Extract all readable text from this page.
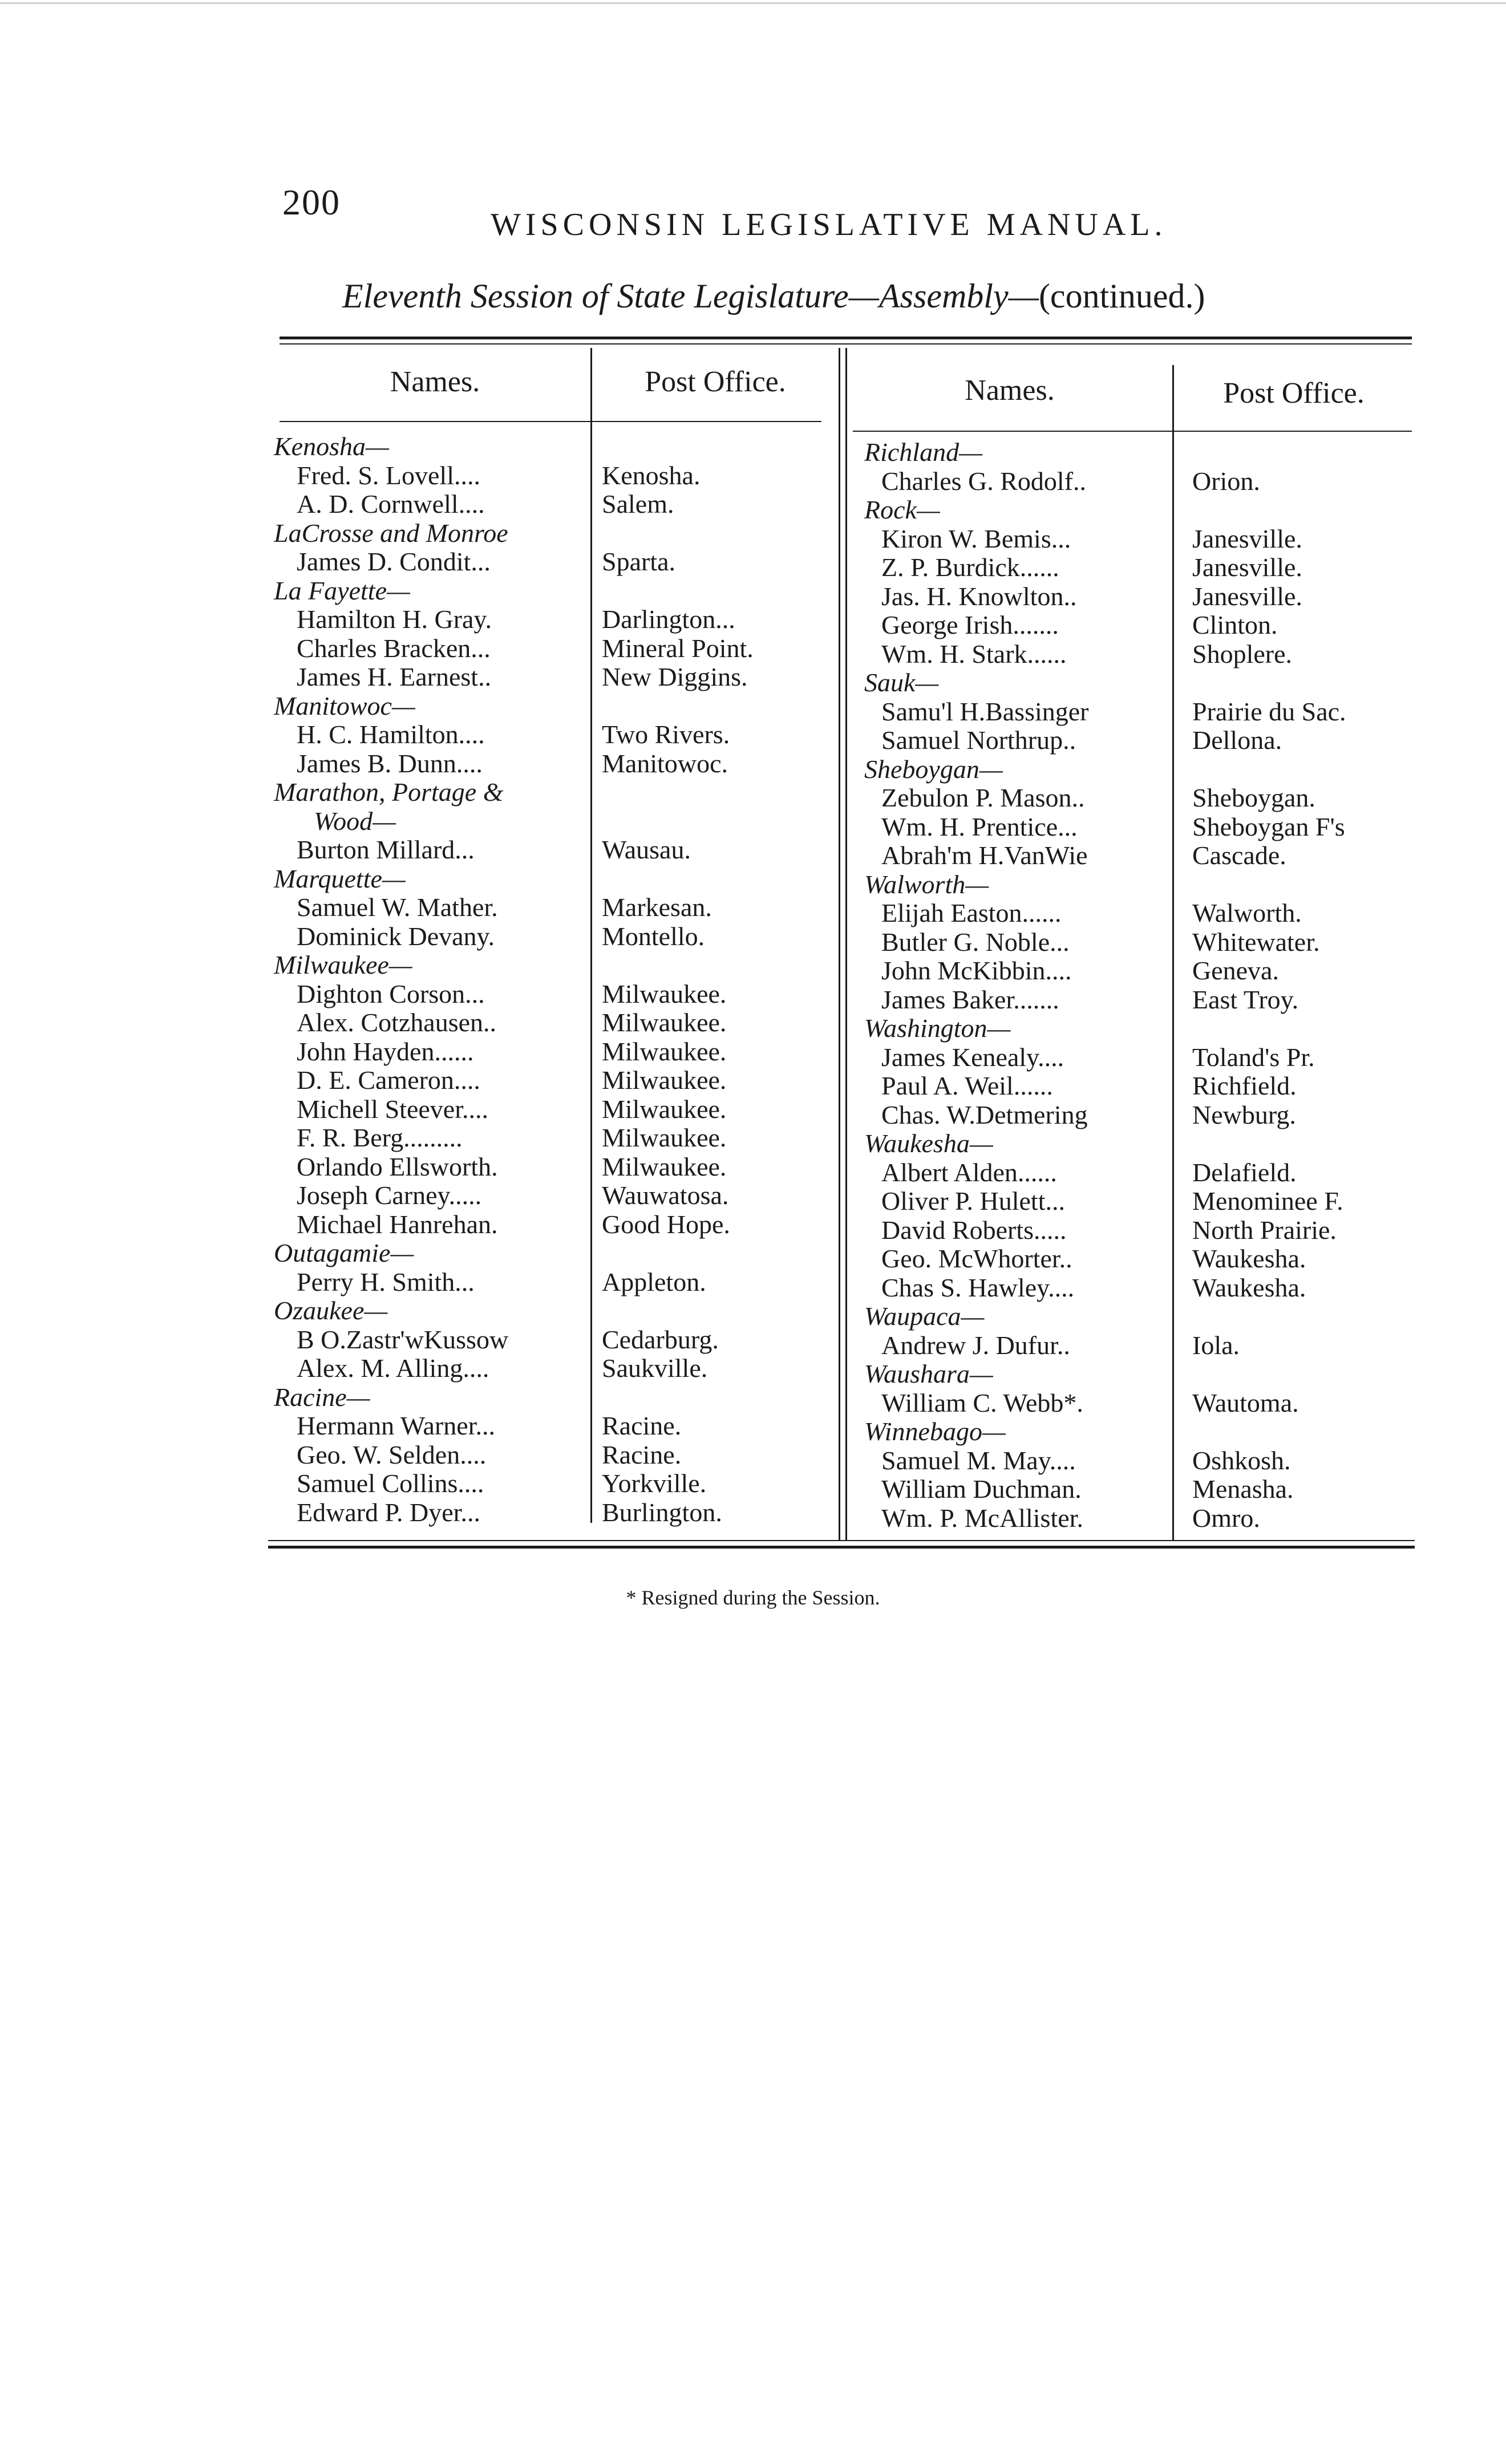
200
WISCONSIN LEGISLATIVE MANUAL.
Eleventh Session of State Legislature—Assembly—(continued.)
Names.	Post Office.	Names.	Post Office.
Kenosha—
Fred. S. Lovell....	Kenosha.
A. D. Cornwell....	Salem.
LaCrosse and Monroe
James D. Condit...	Sparta.
La Fayette—
Hamilton H. Gray.	Darlington...
Charles Bracken...	Mineral Point.
James H. Earnest..	New Diggins.
Manitowoc—
H. C. Hamilton....	Two Rivers.
James B. Dunn....	Manitowoc.
Marathon, Portage &
Wood—
Burton Millard...	Wausau.
Marquette—
Samuel W. Mather.	Markesan.
Dominick Devany.	Montello.
Milwaukee—
Dighton Corson...	Milwaukee.
Alex. Cotzhausen..	Milwaukee.
John Hayden......	Milwaukee.
D. E. Cameron....	Milwaukee.
Michell Steever....	Milwaukee.
F. R. Berg.........	Milwaukee.
Orlando Ellsworth.	Milwaukee.
Joseph Carney.....	Wauwatosa.
Michael Hanrehan.	Good Hope.
Outagamie—
Perry H. Smith...	Appleton.
Ozaukee—
B O.Zastr'wKussow	Cedarburg.
Alex. M. Alling....	Saukville.
Racine—
Hermann Warner...	Racine.
Geo. W. Selden....	Racine.
Samuel Collins....	Yorkville.
Edward P. Dyer...	Burlington.
Richland—
Charles G. Rodolf..	Orion.
Rock—
Kiron W. Bemis...	Janesville.
Z. P. Burdick......	Janesville.
Jas. H. Knowlton..	Janesville.
George Irish.......	Clinton.
Wm. H. Stark......	Shoplere.
Sauk—
Samu'l H.Bassinger	Prairie du Sac.
Samuel Northrup..	Dellona.
Sheboygan—
Zebulon P. Mason..	Sheboygan.
Wm. H. Prentice...	Sheboygan F's
Abrah'm H.VanWie	Cascade.
Walworth—
Elijah Easton......	Walworth.
Butler G. Noble...	Whitewater.
John McKibbin....	Geneva.
James Baker.......	East Troy.
Washington—
James Kenealy....	Toland's Pr.
Paul A. Weil......	Richfield.
Chas. W.Detmering	Newburg.
Waukesha—
Albert Alden......	Delafield.
Oliver P. Hulett...	Menominee F.
David Roberts.....	North Prairie.
Geo. McWhorter..	Waukesha.
Chas S. Hawley....	Waukesha.
Waupaca—
Andrew J. Dufur..	Iola.
Waushara—
William C. Webb*.	Wautoma.
Winnebago—
Samuel M. May....	Oshkosh.
William Duchman.	Menasha.
Wm. P. McAllister.	Omro.
* Resigned during the Session.
